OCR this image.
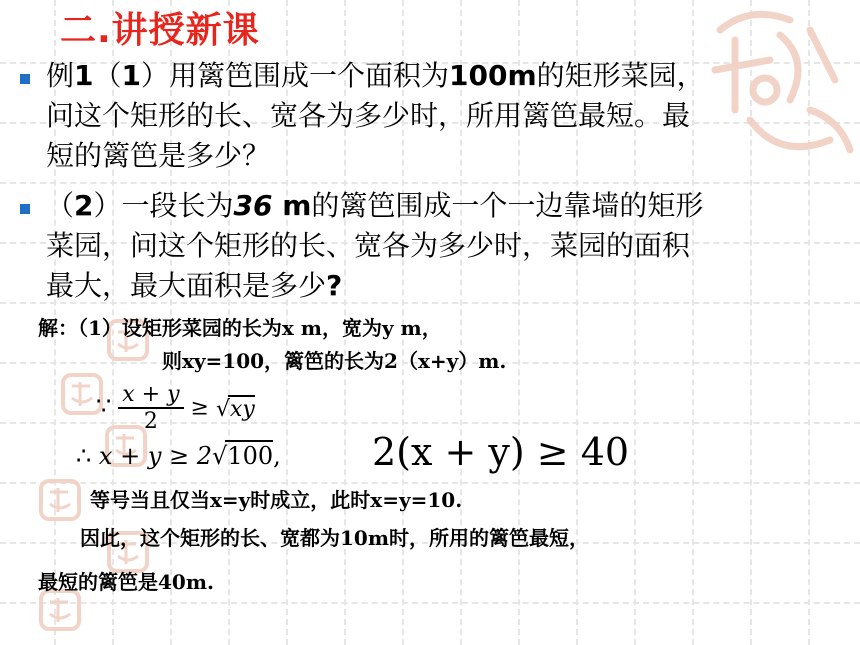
二.讲授新课
例1（1）用篱笆围成一个面积为100m的矩形菜园，
问这个矩形的长、宽各为多少时，所用篱笆最短。最
短的篱笆是多少？
（2）一段长为36 m的篱笆围成一个一边靠墙的矩形
菜园，问这个矩形的长、宽各为多少时，菜园的面积
最大，最大面积是多少?
解：（1）设矩形菜园的长为x m，宽为y m，
则xy=100，篱笆的长为2（x+y）m.
∵ $\frac{x + y}{2} \ge √xy$
∴ x + y ≥ 2√100, 2(x + y) ≥ 40
等号当且仅当x=y时成立，此时x=y=10.
因此，这个矩形的长、宽都为10m时，所用的篱笆最短，
最短的篱笆是40m.
